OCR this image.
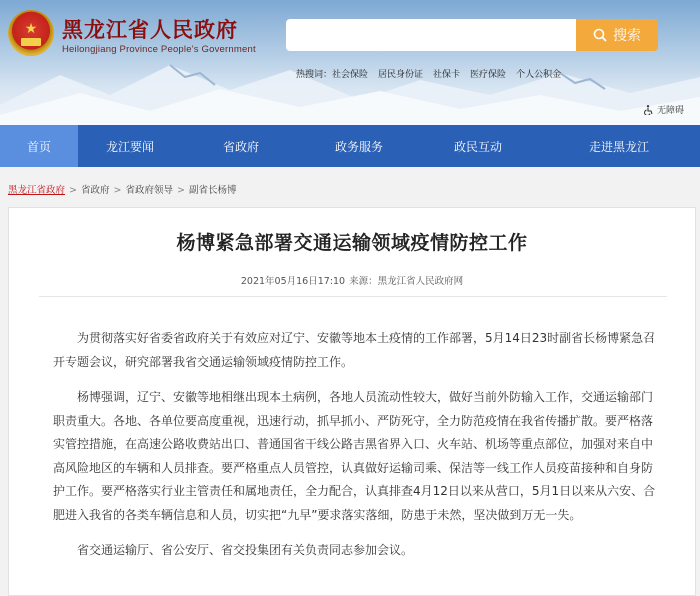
★ 黑龙江省人民政府
Heilongjiang Province People's Government
搜索
热搜词：社会保险 居民身份证 社保卡 医疗保险 个人公积金
无障碍
首页	龙江要闻	省政府	政务服务	政民互动	走进黑龙江
黑龙江省政府 > 省政府 > 省政府领导 > 副省长杨博
杨博紧急部署交通运输领域疫情防控工作
2021年05月16日17:10 来源：黑龙江省人民政府网

为贯彻落实好省委省政府关于有效应对辽宁、安徽等地本土疫情的工作部署，5月14日23时副省长杨博紧急召开专题会议，研究部署我省交通运输领域疫情防控工作。

杨博强调，辽宁、安徽等地相继出现本土病例，各地人员流动性较大，做好当前外防输入工作，交通运输部门职责重大。各地、各单位要高度重视，迅速行动，抓早抓小、严防死守，全力防范疫情在我省传播扩散。要严格落实管控措施，在高速公路收费站出口、普通国省干线公路吉黑省界入口、火车站、机场等重点部位，加强对来自中高风险地区的车辆和人员排查。要严格重点人员管控，认真做好运输司乘、保洁等一线工作人员疫苗接种和自身防护工作。要严格落实行业主管责任和属地责任，全力配合，认真排查4月12日以来从营口，5月1日以来从六安、合肥进入我省的各类车辆信息和人员，切实把“九早”要求落实落细，防患于未然，坚决做到万无一失。

省交通运输厅、省公安厅、省交投集团有关负责同志参加会议。
